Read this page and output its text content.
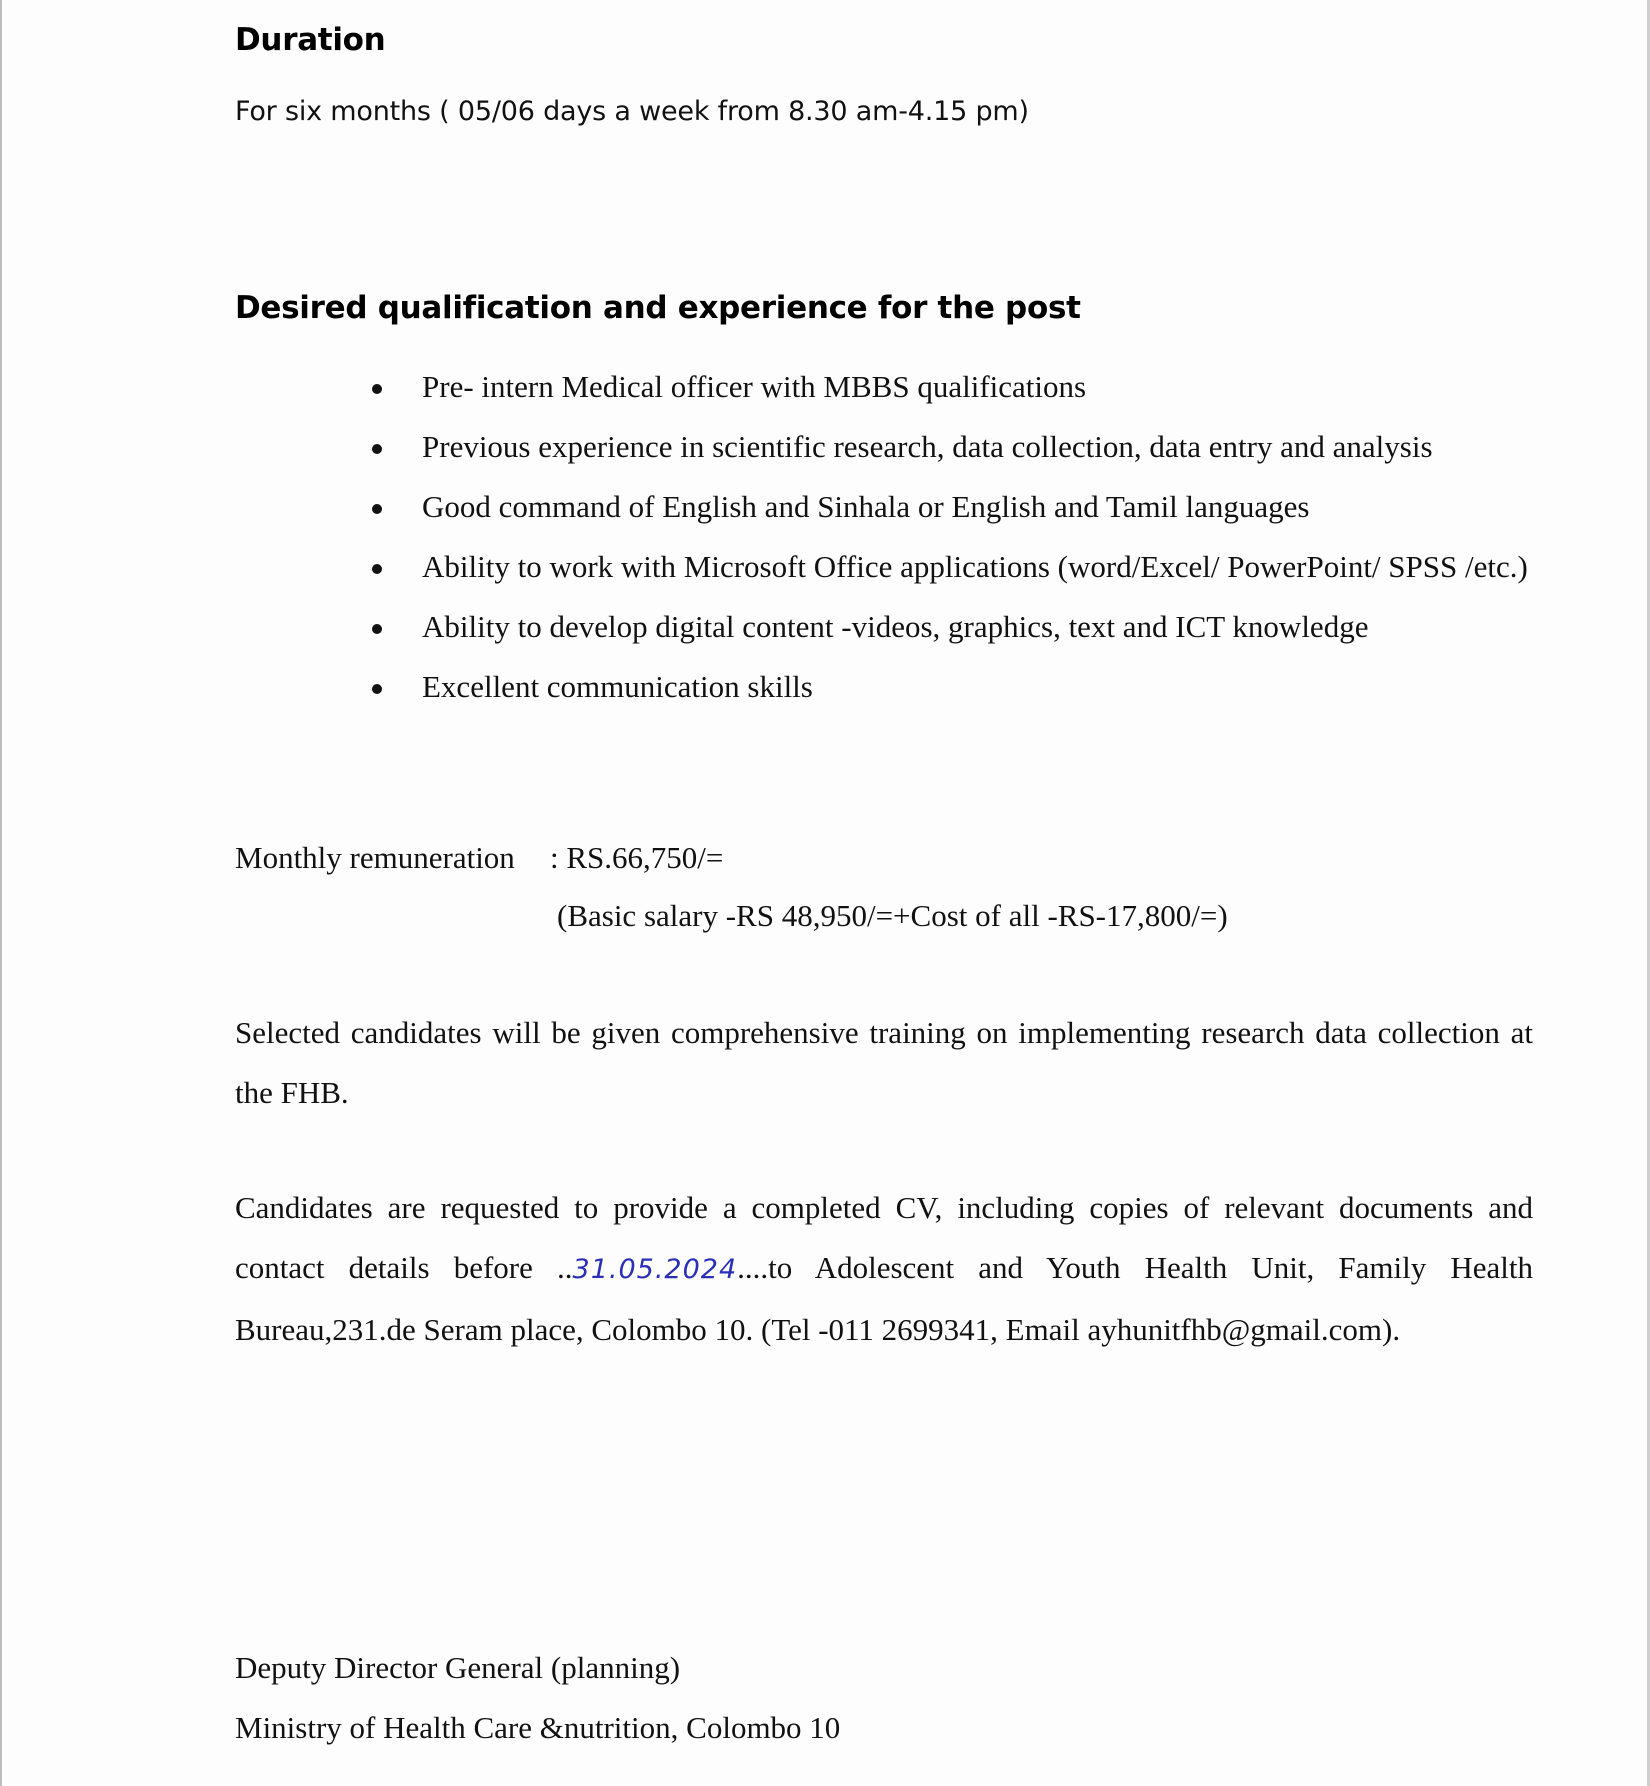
Duration
For six months ( 05/06 days a week from 8.30 am-4.15 pm)
Desired qualification and experience for the post
Pre- intern Medical officer with MBBS qualifications
Previous experience in scientific research, data collection, data entry and analysis
Good command of English and Sinhala or English and Tamil languages
Ability to work with Microsoft Office applications (word/Excel/ PowerPoint/ SPSS /etc.)
Ability to develop digital content -videos, graphics, text and ICT knowledge
Excellent communication skills
Monthly remuneration : RS.66,750/=
(Basic salary -RS 48,950/=+Cost of all -RS-17,800/=)
Selected candidates will be given comprehensive training on implementing research data collection at the FHB.
Candidates are requested to provide a completed CV, including copies of relevant documents and contact details before ..31.05.2024....to Adolescent and Youth Health Unit, Family Health Bureau,231.de Seram place, Colombo 10. (Tel -011 2699341, Email ayhunitfhb@gmail.com).
Deputy Director General (planning)
Ministry of Health Care &nutrition, Colombo 10
